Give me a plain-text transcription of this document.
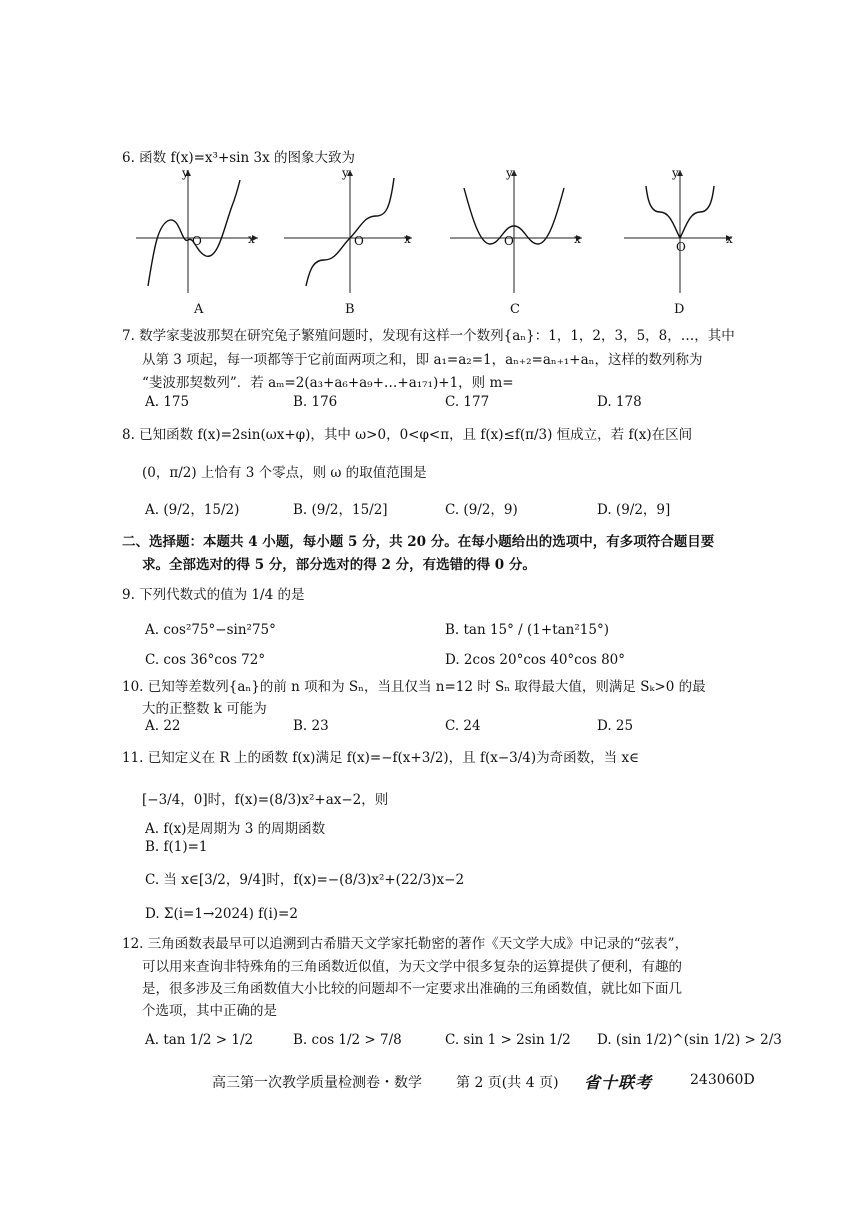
6. 函数 f(x)=x³+sin 3x 的图象大致为
y
x
O
A
y
x
O
B
y
x
O
C
y
x
O
D
7. 数学家斐波那契在研究兔子繁殖问题时，发现有这样一个数列{aₙ}：1，1，2，3，5，8，…，其中
从第 3 项起，每一项都等于它前面两项之和，即 a₁=a₂=1，aₙ₊₂=aₙ₊₁+aₙ，这样的数列称为
“斐波那契数列”．若 aₘ=2(a₃+a₆+a₉+…+a₁₇₁)+1，则 m=
A. 175	B. 176	C. 177	D. 178
8. 已知函数 f(x)=2sin(ωx+φ)，其中 ω>0，0<φ<π，且 f(x)≤f(π/3) 恒成立，若 f(x)在区间
(0，π/2) 上恰有 3 个零点，则 ω 的取值范围是
A. (9/2，15/2)	B. (9/2，15/2]	C. (9/2，9)	D. (9/2，9]
二、选择题：本题共 4 小题，每小题 5 分，共 20 分。在每小题给出的选项中，有多项符合题目要
求。全部选对的得 5 分，部分选对的得 2 分，有选错的得 0 分。
9. 下列代数式的值为 1/4 的是
A. cos²75°−sin²75°	B. tan 15° / (1+tan²15°)
C. cos 36°cos 72°	D. 2cos 20°cos 40°cos 80°
10. 已知等差数列{aₙ}的前 n 项和为 Sₙ，当且仅当 n=12 时 Sₙ 取得最大值，则满足 Sₖ>0 的最
大的正整数 k 可能为
A. 22	B. 23	C. 24	D. 25
11. 已知定义在 R 上的函数 f(x)满足 f(x)=−f(x+3/2)，且 f(x−3/4)为奇函数，当 x∈
[−3/4，0]时，f(x)=(8/3)x²+ax−2，则
A. f(x)是周期为 3 的周期函数
B. f(1)=1
C. 当 x∈[3/2，9/4]时，f(x)=−(8/3)x²+(22/3)x−2
D. Σ(i=1→2024) f(i)=2
12. 三角函数表最早可以追溯到古希腊天文学家托勒密的著作《天文学大成》中记录的“弦表”，
可以用来查询非特殊角的三角函数近似值，为天文学中很多复杂的运算提供了便利，有趣的
是，很多涉及三角函数值大小比较的问题却不一定要求出准确的三角函数值，就比如下面几
个选项，其中正确的是
A. tan 1/2 > 1/2	B. cos 1/2 > 7/8	C. sin 1 > 2sin 1/2 D. (sin 1/2)^(sin 1/2) > 2/3
高三第一次教学质量检测卷・数学 第 2 页(共 4 页) 省十联考	243060D
